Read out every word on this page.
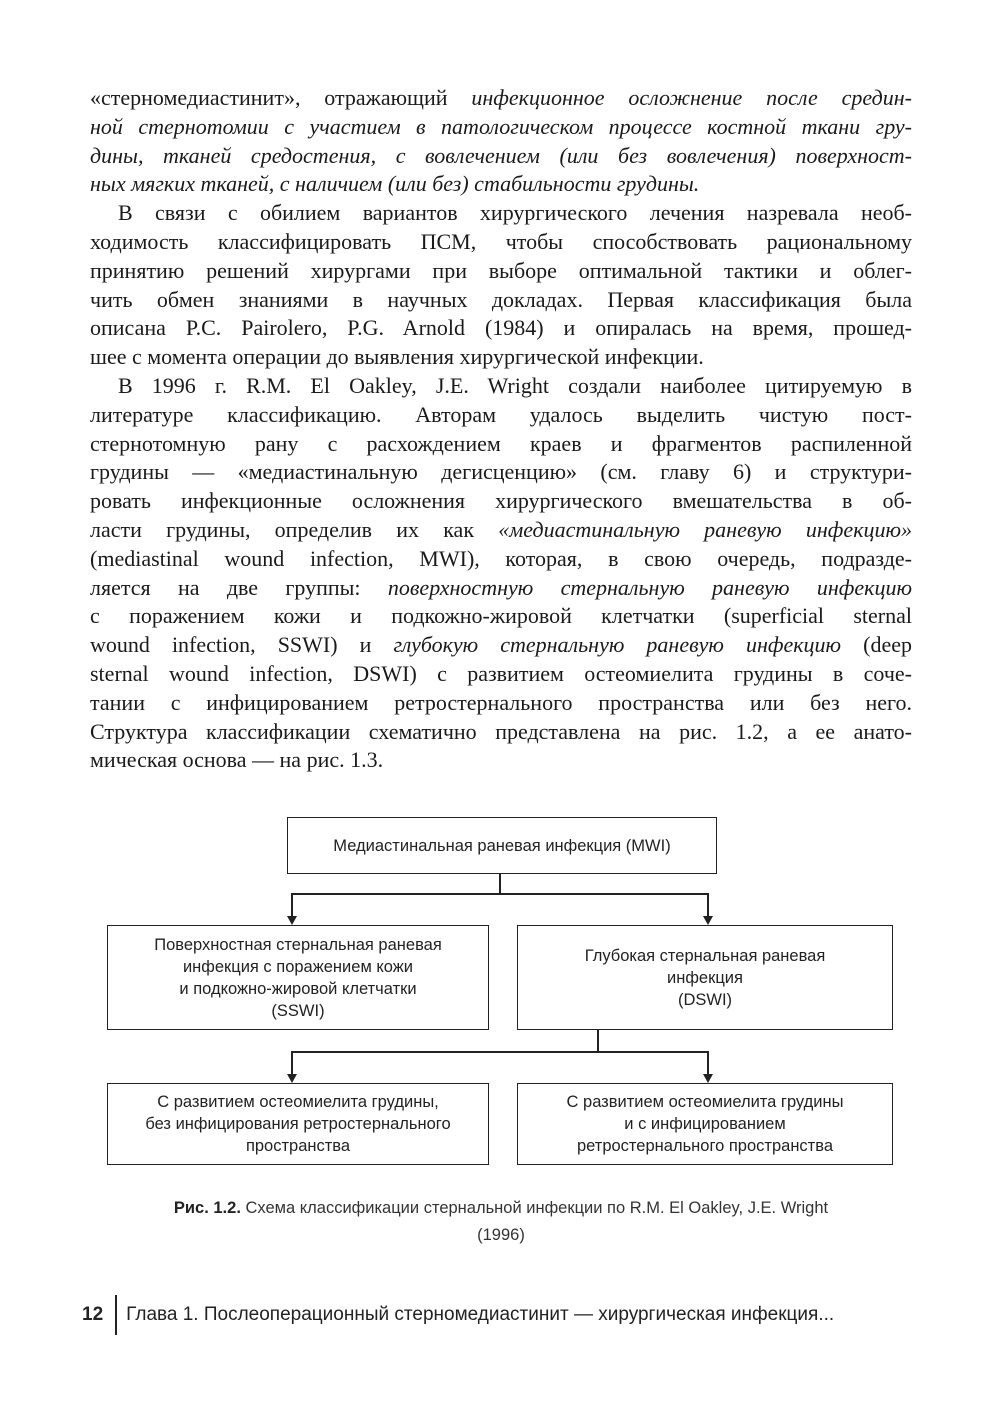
«стерномедиастинит», отражающий инфекционное осложнение после средин-
ной стернотомии с участием в патологическом процессе костной ткани гру-
дины, тканей средостения, с вовлечением (или без вовлечения) поверхност-
ных мягких тканей, с наличием (или без) стабильности грудины.
В связи с обилием вариантов хирургического лечения назревала необ-
ходимость классифицировать ПСМ, чтобы способствовать рациональному
принятию решений хирургами при выборе оптимальной тактики и облег-
чить обмен знаниями в научных докладах. Первая классификация была
описана P.C. Pairolero, P.G. Arnold (1984) и опиралась на время, прошед-
шее с момента операции до выявления хирургической инфекции.
В 1996 г. R.M. El Oakley, J.E. Wright создали наиболее цитируемую в
литературе классификацию. Авторам удалось выделить чистую пост-
стернотомную рану с расхождением краев и фрагментов распиленной
грудины — «медиастинальную дегисценцию» (см. главу 6) и структури-
ровать инфекционные осложнения хирургического вмешательства в об-
ласти грудины, определив их как «медиастинальную раневую инфекцию»
(mediastinal wound infection, MWI), которая, в свою очередь, подразде-
ляется на две группы: поверхностную стернальную раневую инфекцию
с поражением кожи и подкожно-жировой клетчатки (superficial sternal
wound infection, SSWI) и глубокую стернальную раневую инфекцию (deep
sternal wound infection, DSWI) с развитием остеомиелита грудины в соче-
тании с инфицированием ретростернального пространства или без него.
Структура классификации схематично представлена на рис. 1.2, а ее анато-
мическая основа — на рис. 1.3.
Медиастинальная раневая инфекция (MWI)
Поверхностная стернальная раневая
инфекция с поражением кожи
и подкожно-жировой клетчатки
(SSWI)
Глубокая стернальная раневая
инфекция
(DSWI)
С развитием остеомиелита грудины,
без инфицирования ретростернального
пространства
С развитием остеомиелита грудины
и с инфицированием
ретростернального пространства
Рис. 1.2. Схема классификации стернальной инфекции по R.M. El Oakley, J.E. Wright
(1996)
12 Глава 1. Послеоперационный стерномедиастинит — хирургическая инфекция...
